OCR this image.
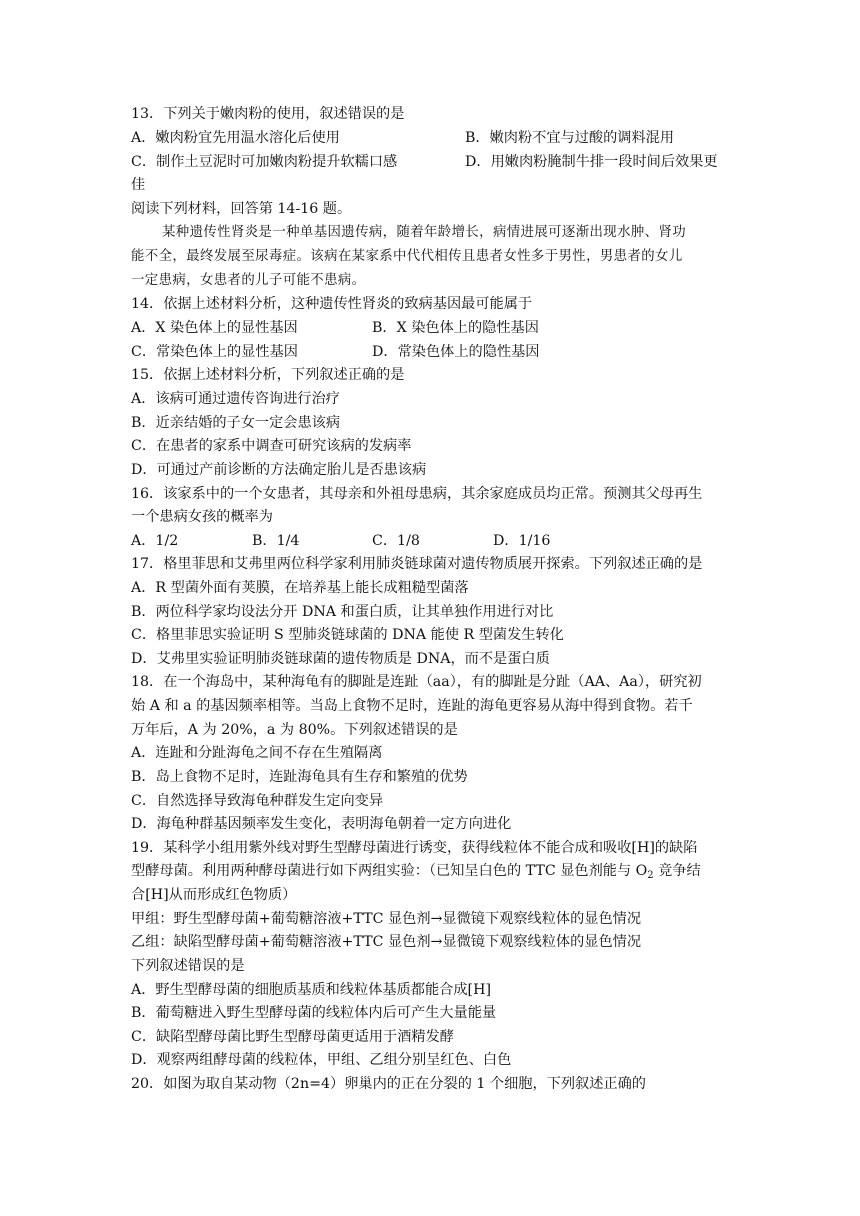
13．下列关于嫩肉粉的使用，叙述错误的是
A．嫩肉粉宜先用温水溶化后使用	B．嫩肉粉不宜与过酸的调料混用
C．制作土豆泥时可加嫩肉粉提升软糯口感	D．用嫩肉粉腌制牛排一段时间后效果更
佳
阅读下列材料，回答第 14-16 题。
某种遗传性肾炎是一种单基因遗传病，随着年龄增长，病情进展可逐渐出现水肿、肾功
能不全，最终发展至尿毒症。该病在某家系中代代相传且患者女性多于男性，男患者的女儿
一定患病，女患者的儿子可能不患病。
14．依据上述材料分析，这种遗传性肾炎的致病基因最可能属于
A．X 染色体上的显性基因	B．X 染色体上的隐性基因
C．常染色体上的显性基因	D．常染色体上的隐性基因
15．依据上述材料分析，下列叙述正确的是
A．该病可通过遗传咨询进行治疗
B．近亲结婚的子女一定会患该病
C．在患者的家系中调查可研究该病的发病率
D．可通过产前诊断的方法确定胎儿是否患该病
16．该家系中的一个女患者，其母亲和外祖母患病，其余家庭成员均正常。预测其父母再生
一个患病女孩的概率为
A．1/2	B．1/4	C．1/8	D．1/16
17．格里菲思和艾弗里两位科学家利用肺炎链球菌对遗传物质展开探索。下列叙述正确的是
A．R 型菌外面有荚膜，在培养基上能长成粗糙型菌落
B．两位科学家均设法分开 DNA 和蛋白质，让其单独作用进行对比
C．格里菲思实验证明 S 型肺炎链球菌的 DNA 能使 R 型菌发生转化
D．艾弗里实验证明肺炎链球菌的遗传物质是 DNA，而不是蛋白质
18．在一个海岛中，某种海龟有的脚趾是连趾（aa），有的脚趾是分趾（AA、Aa），研究初
始 A 和 a 的基因频率相等。当岛上食物不足时，连趾的海龟更容易从海中得到食物。若千
万年后，A 为 20%，a 为 80%。下列叙述错误的是
A．连趾和分趾海龟之间不存在生殖隔离
B．岛上食物不足时，连趾海龟具有生存和繁殖的优势
C．自然选择导致海龟种群发生定向变异
D．海龟种群基因频率发生变化，表明海龟朝着一定方向进化
19．某科学小组用紫外线对野生型酵母菌进行诱变，获得线粒体不能合成和吸收[H]的缺陷
型酵母菌。利用两种酵母菌进行如下两组实验：（已知呈白色的 TTC 显色剂能与 $O_2$ 竞争结
合[H]从而形成红色物质）
甲组：野生型酵母菌+葡萄糖溶液+TTC 显色剂→显微镜下观察线粒体的显色情况
乙组：缺陷型酵母菌+葡萄糖溶液+TTC 显色剂→显微镜下观察线粒体的显色情况
下列叙述错误的是
A．野生型酵母菌的细胞质基质和线粒体基质都能合成[H]
B．葡萄糖进入野生型酵母菌的线粒体内后可产生大量能量
C．缺陷型酵母菌比野生型酵母菌更适用于酒精发酵
D．观察两组酵母菌的线粒体，甲组、乙组分别呈红色、白色
20．如图为取自某动物（2n=4）卵巢内的正在分裂的 1 个细胞，下列叙述正确的
